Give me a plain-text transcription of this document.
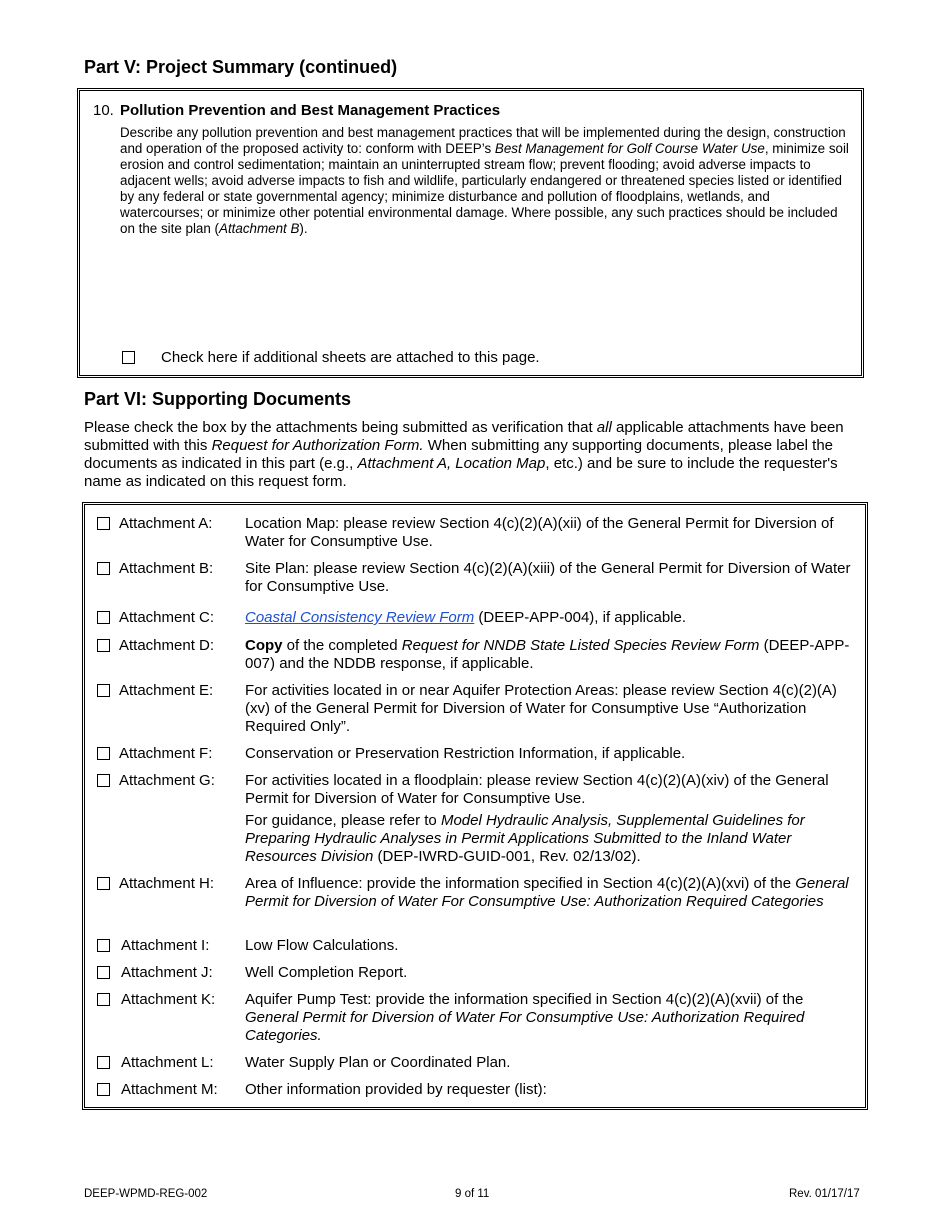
Part V: Project Summary (continued)
10. Pollution Prevention and Best Management Practices
Describe any pollution prevention and best management practices that will be implemented during the design, construction and operation of the proposed activity to: conform with DEEP’s Best Management for Golf Course Water Use, minimize soil erosion and control sedimentation; maintain an uninterrupted stream flow; prevent flooding; avoid adverse impacts to adjacent wells; avoid adverse impacts to fish and wildlife, particularly endangered or threatened species listed or identified by any federal or state governmental agency; minimize disturbance and pollution of floodplains, wetlands, and watercourses; or minimize other potential environmental damage. Where possible, any such practices should be included on the site plan (Attachment B).
Check here if additional sheets are attached to this page.
Part VI: Supporting Documents
Please check the box by the attachments being submitted as verification that all applicable attachments have been submitted with this Request for Authorization Form. When submitting any supporting documents, please label the documents as indicated in this part (e.g., Attachment A, Location Map, etc.) and be sure to include the requester's name as indicated on this request form.
Attachment A: Location Map: please review Section 4(c)(2)(A)(xii) of the General Permit for Diversion of Water for Consumptive Use.
Attachment B: Site Plan: please review Section 4(c)(2)(A)(xiii) of the General Permit for Diversion of Water for Consumptive Use.
Attachment C: Coastal Consistency Review Form (DEEP-APP-004), if applicable.
Attachment D: Copy of the completed Request for NNDB State Listed Species Review Form (DEEP-APP-007) and the NDDB response, if applicable.
Attachment E: For activities located in or near Aquifer Protection Areas: please review Section 4(c)(2)(A)(xv) of the General Permit for Diversion of Water for Consumptive Use “Authorization Required Only”.
Attachment F: Conservation or Preservation Restriction Information, if applicable.
Attachment G: For activities located in a floodplain: please review Section 4(c)(2)(A)(xiv) of the General Permit for Diversion of Water for Consumptive Use.
For guidance, please refer to Model Hydraulic Analysis, Supplemental Guidelines for Preparing Hydraulic Analyses in Permit Applications Submitted to the Inland Water Resources Division (DEP-IWRD-GUID-001, Rev. 02/13/02).
Attachment H: Area of Influence: provide the information specified in Section 4(c)(2)(A)(xvi) of the General Permit for Diversion of Water For Consumptive Use: Authorization Required Categories
Attachment I: Low Flow Calculations.
Attachment J: Well Completion Report.
Attachment K: Aquifer Pump Test: provide the information specified in Section 4(c)(2)(A)(xvii) of the General Permit for Diversion of Water For Consumptive Use: Authorization Required Categories.
Attachment L: Water Supply Plan or Coordinated Plan.
Attachment M: Other information provided by requester (list):
DEEP-WPMD-REG-002	9 of 11	Rev. 01/17/17
